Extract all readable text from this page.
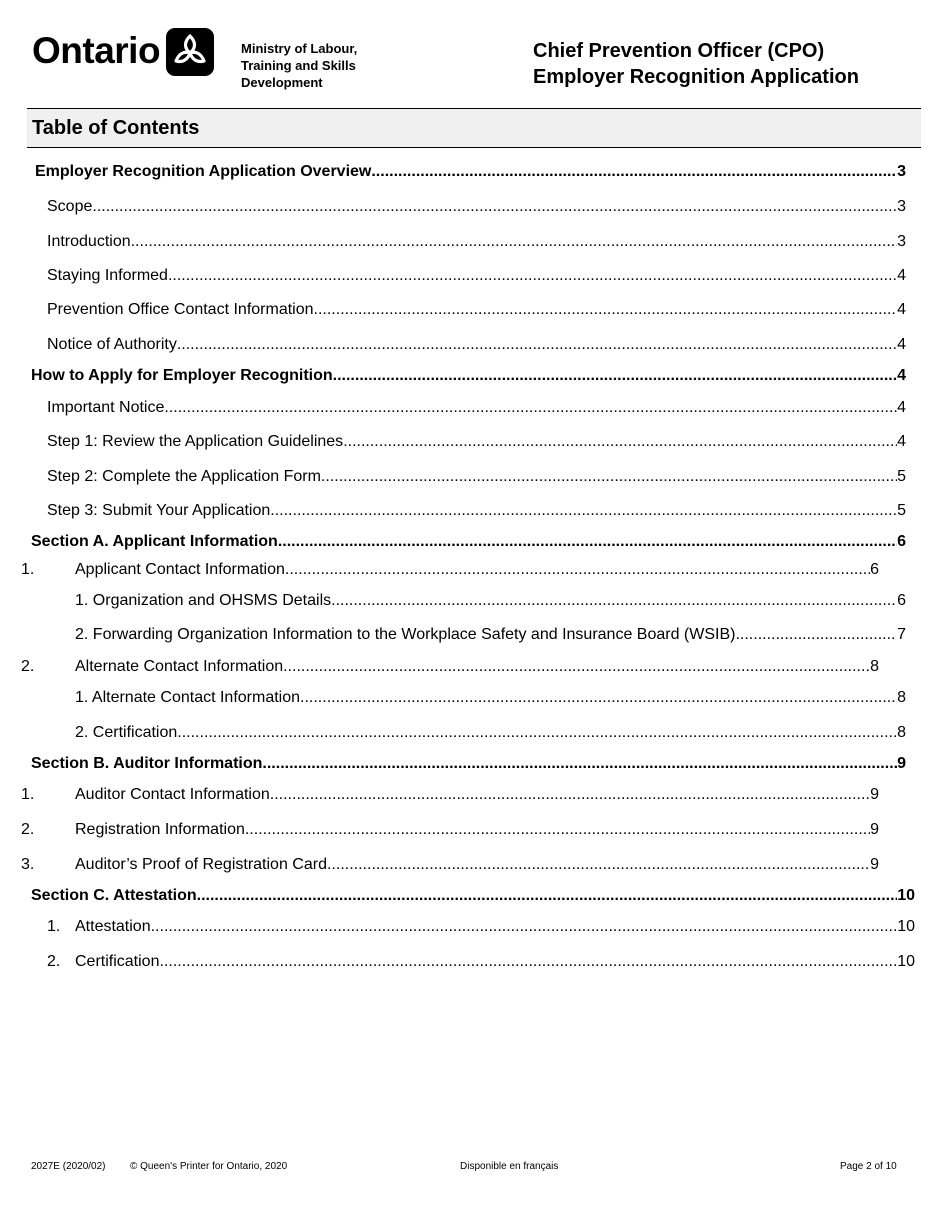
Ontario	Ministry of Labour,
Training and Skills
Development
Chief Prevention Officer (CPO)
Employer Recognition Application
Table of Contents
Employer Recognition Application Overview .....	3
Scope .....	3
Introduction .....	3
Staying Informed .....	4
Prevention Office Contact Information .....	4
Notice of Authority .....	4
How to Apply for Employer Recognition .....	4
Important Notice .....	4
Step 1: Review the Application Guidelines .....	4
Step 2: Complete the Application Form .....	5
Step 3: Submit Your Application .....	5
Section A. Applicant Information .....	6
1.	Applicant Contact Information .....	6
1. Organization and OHSMS Details .....	6
2. Forwarding Organization Information to the Workplace Safety and Insurance Board (WSIB) .....	7
2.	Alternate Contact Information .....	8
1. Alternate Contact Information .....	8
2. Certification .....	8
Section B. Auditor Information .....	9
1.	Auditor Contact Information .....	9
2.	Registration Information .....	9
3.	Auditor’s Proof of Registration Card .....	9
Section C. Attestation .....	10
1. Attestation .....	10
2. Certification .....	10
2027E (2020/02) © Queen's Printer for Ontario, 2020	Disponible en français	Page 2 of 10
